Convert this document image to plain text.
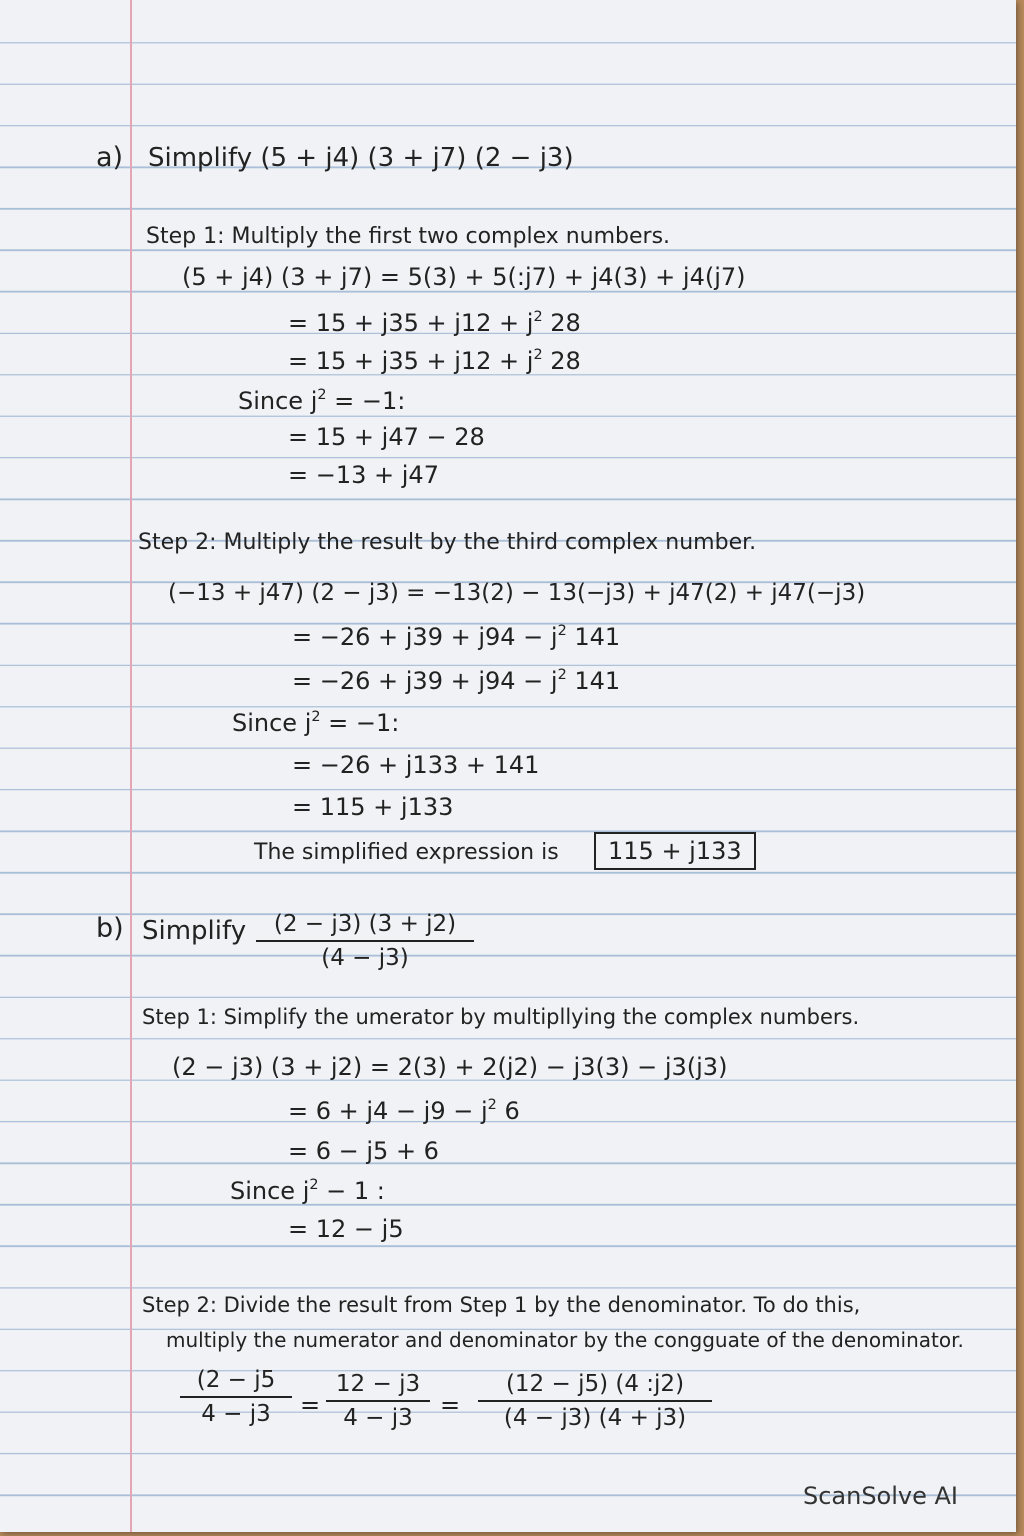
a) Simplify (5 + j4) (3 + j7) (2 − j3)
Step 1: Multiply the first two complex numbers.
(5 + j4) (3 + j7) = 5(3) + 5(:j7) + j4(3) + j4(j7)
= $15 + j35 + j12 + j^2$ 28
= $15 + j35 + j12 + j^2$ 28
Since $j^2 = -1$:
= 15 + j47 − 28
= −13 + j47
Step 2: Multiply the result by the third complex number.
(−13 + j47) (2 − j3) = −13(2) − 13(−j3) + j47(2) + j47(−j3)
= $-26 + j39 + j94 - j^2$ 141
= $-26 + j39 + j94 - j^2$ 141
Since $j^2 = -1$:
= −26 + j133 + 141
= 115 + j133
The simplified expression is	115 + j133
b) Simplify	(2 − j3) (3 + j2)
(4 − j3)
Step 1: Simplify the umerator by multipllying the complex numbers.
(2 − j3) (3 + j2) = 2(3) + 2(j2) − j3(3) − j3(j3)
= $6 + j4 - j9 - j^2$ 6
= 6 − j5 + 6
Since $j^2 - 1$ :
= 12 − j5
Step 2: Divide the result from Step 1 by the denominator. To do this,
multiply the numerator and denominator by the congguate of the denominator.
(2 − j5
4 − j3	=
12 − j3
4 − j3	=
(12 − j5) (4 :j2)
(4 − j3) (4 + j3)
ScanSolve AI
